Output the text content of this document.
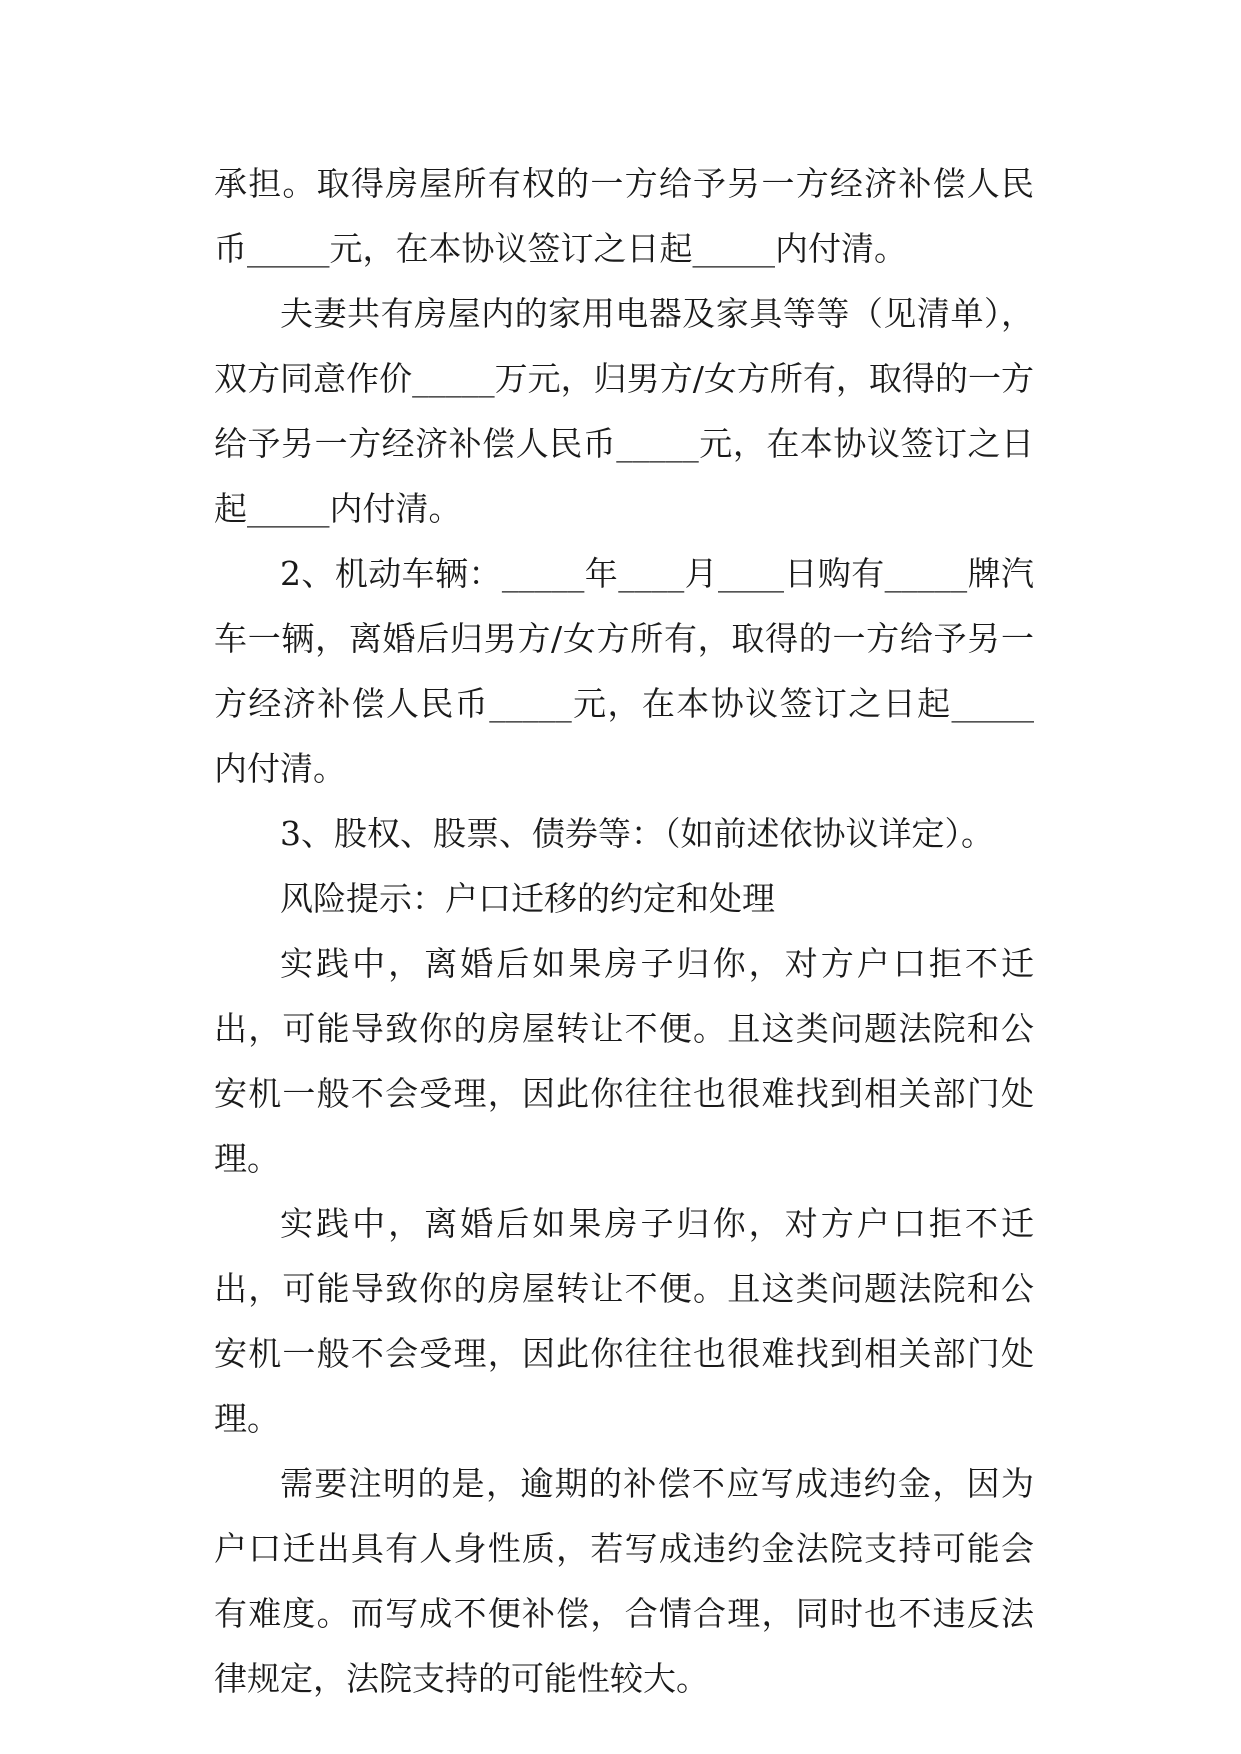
承担。取得房屋所有权的一方给予另一方经济补偿人民币_____元，在本协议签订之日起_____内付清。

夫妻共有房屋内的家用电器及家具等等（见清单），双方同意作价_____万元，归男方/女方所有，取得的一方给予另一方经济补偿人民币_____元，在本协议签订之日起_____内付清。

2、机动车辆：_____年____月____日购有_____牌汽车一辆，离婚后归男方/女方所有，取得的一方给予另一方经济补偿人民币_____元，在本协议签订之日起_____内付清。

3、股权、股票、债券等：（如前述依协议详定）。

风险提示：户口迁移的约定和处理

实践中，离婚后如果房子归你，对方户口拒不迁出，可能导致你的房屋转让不便。且这类问题法院和公安机一般不会受理，因此你往往也很难找到相关部门处理。

实践中，离婚后如果房子归你，对方户口拒不迁出，可能导致你的房屋转让不便。且这类问题法院和公安机一般不会受理，因此你往往也很难找到相关部门处理。

需要注明的是，逾期的补偿不应写成违约金，因为户口迁出具有人身性质，若写成违约金法院支持可能会有难度。而写成不便补偿，合情合理，同时也不违反法律规定，法院支持的可能性较大。
